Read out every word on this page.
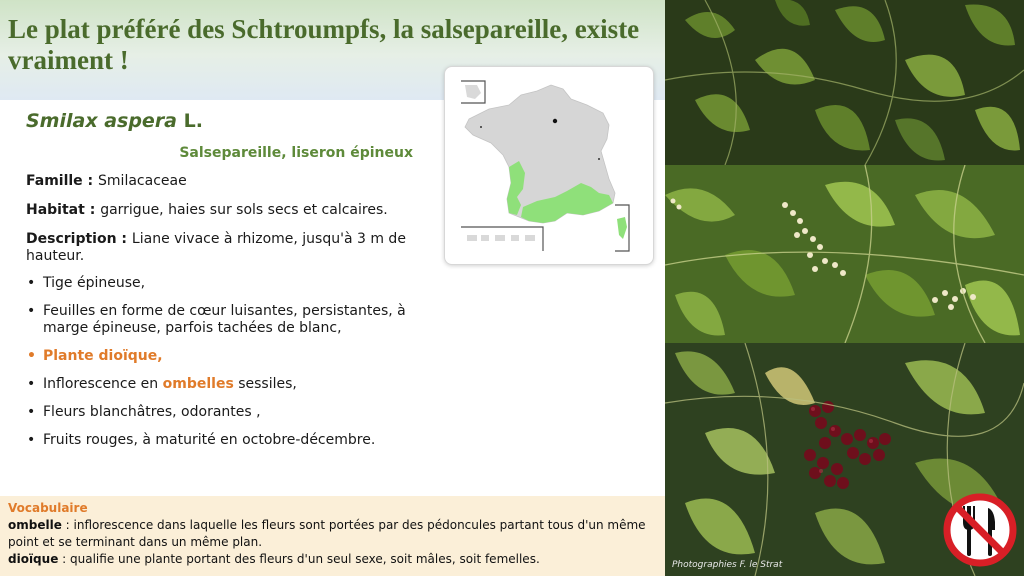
Le plat préféré des Schtroumpfs, la salsepareille, existe vraiment !
Smilax aspera L.
Salsepareille, liseron épineux
Famille : Smilacaceae
Habitat : garrigue, haies sur sols secs et calcaires.
Description : Liane vivace à rhizome, jusqu'à 3 m de hauteur.
• Tige épineuse,
• Feuilles en forme de cœur luisantes, persistantes, à marge épineuse, parfois tachées de blanc,
• Plante dioïque,
• Inflorescence en ombelles sessiles,
• Fleurs blanchâtres, odorantes ,
• Fruits rouges, à maturité en octobre-décembre.
Vocabulaire
ombelle : inflorescence dans laquelle les fleurs sont portées par des pédoncules partant tous d'un même point et se terminant dans un même plan.
dioïque : qualifie une plante portant des fleurs d'un seul sexe, soit mâles, soit femelles.	Photographies F. le Strat
